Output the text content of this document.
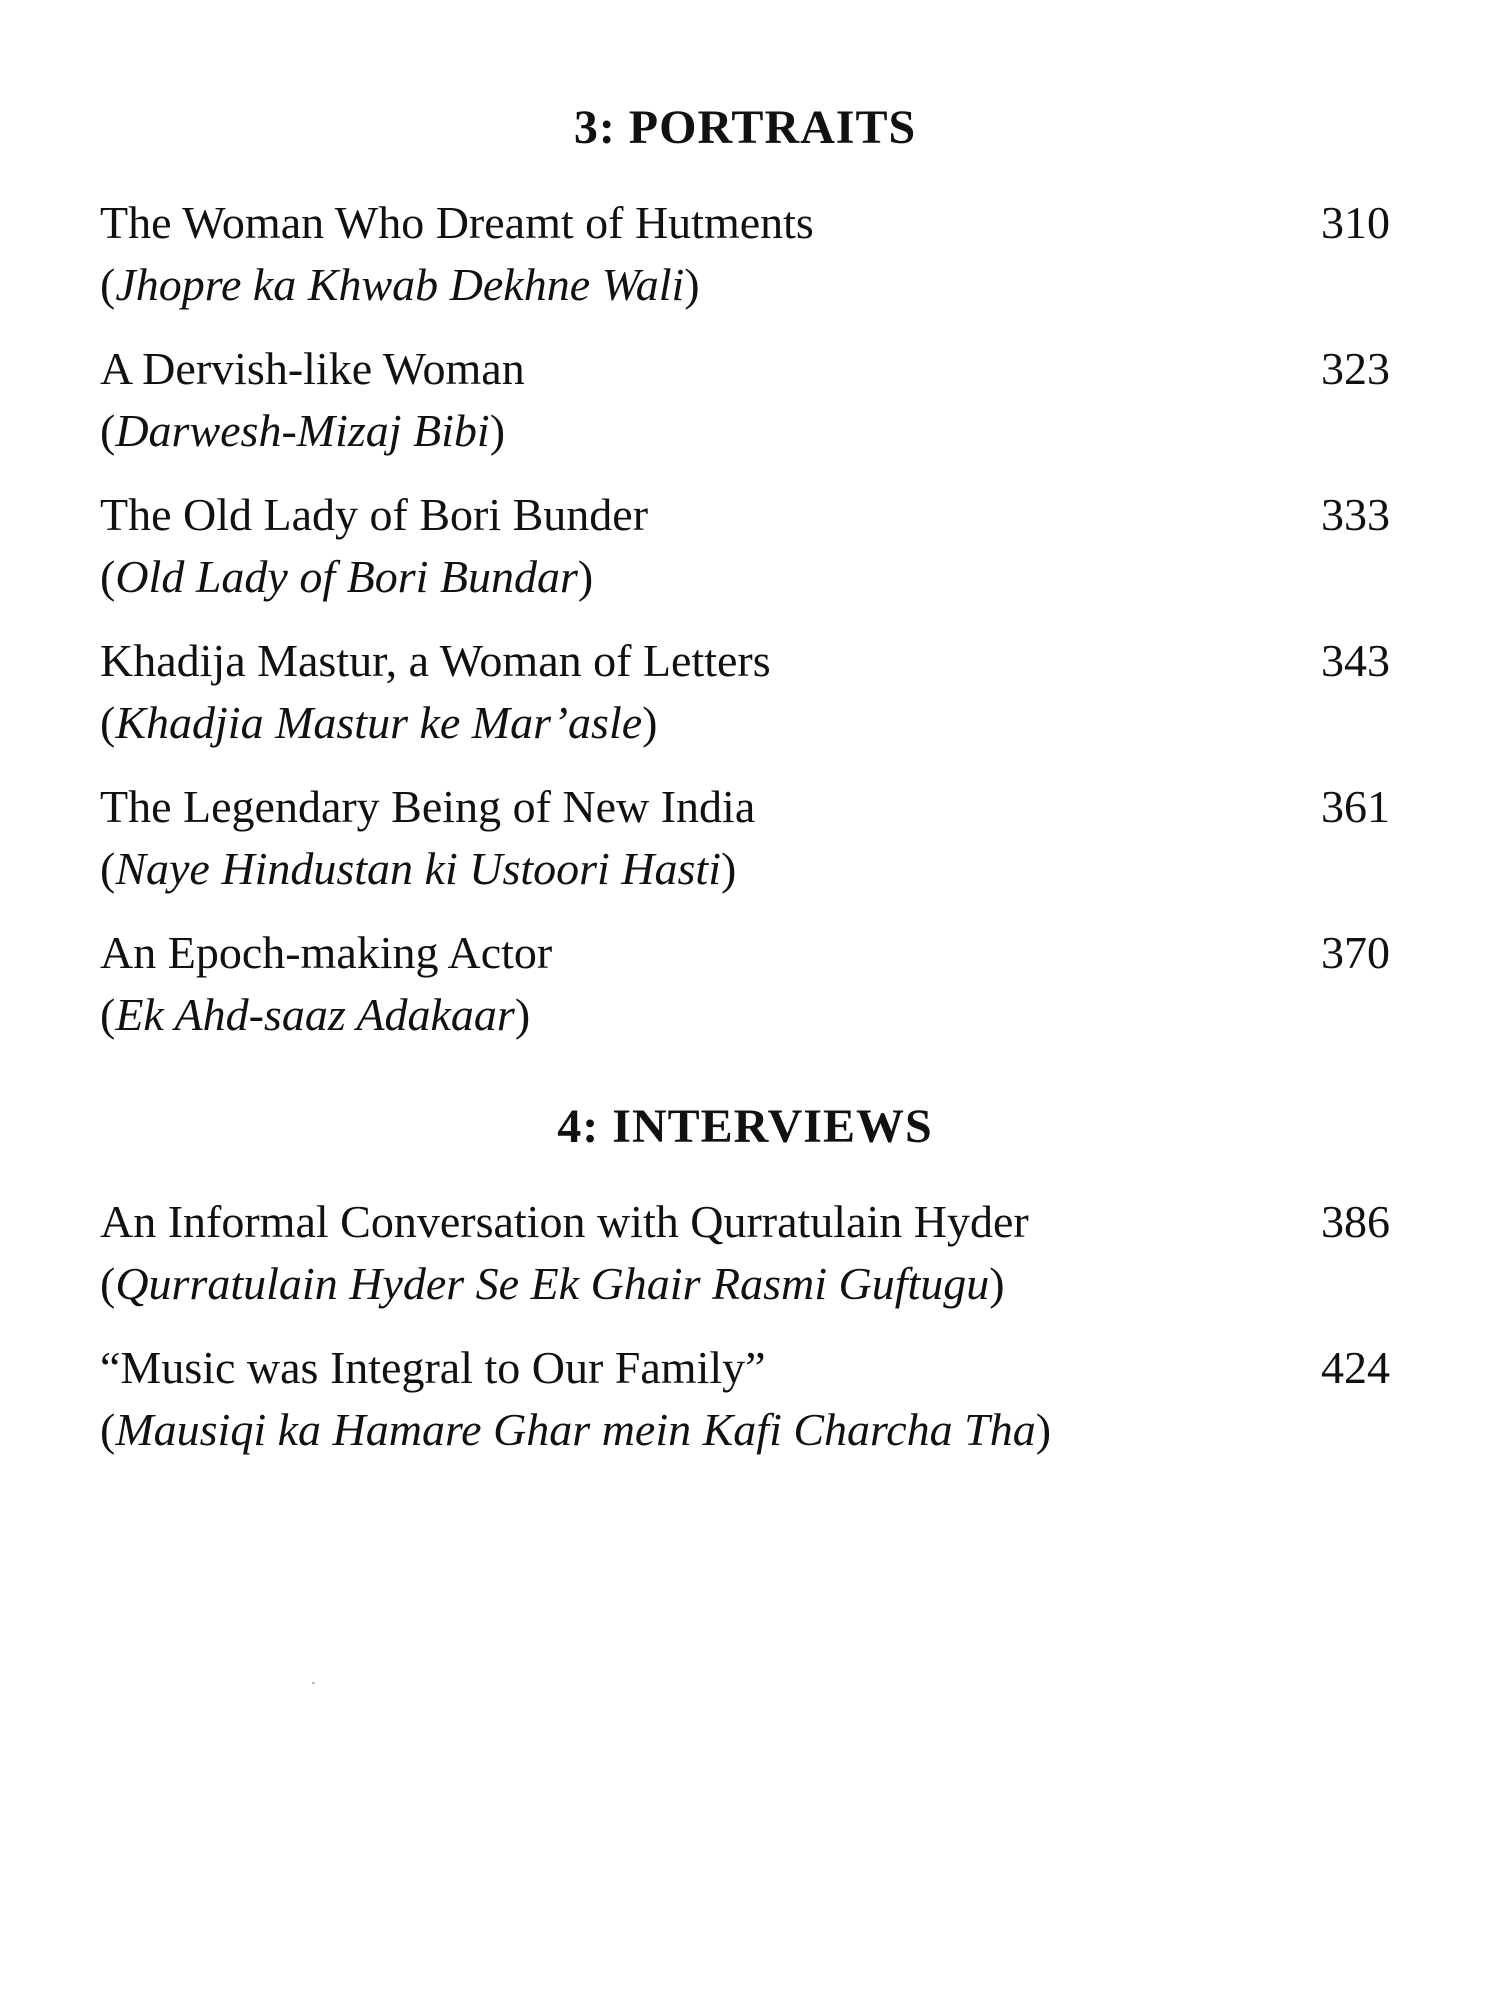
3: PORTRAITS
The Woman Who Dreamt of Hutments
(Jhopre ka Khwab Dekhne Wali)
310
A Dervish-like Woman
(Darwesh-Mizaj Bibi)
323
The Old Lady of Bori Bunder
(Old Lady of Bori Bundar)
333
Khadija Mastur, a Woman of Letters
(Khadjia Mastur ke Mar’asle)
343
The Legendary Being of New India
(Naye Hindustan ki Ustoori Hasti)
361
An Epoch-making Actor
(Ek Ahd-saaz Adakaar)
370
4: INTERVIEWS
An Informal Conversation with Qurratulain Hyder
(Qurratulain Hyder Se Ek Ghair Rasmi Guftugu)
386
“Music was Integral to Our Family”
(Mausiqi ka Hamare Ghar mein Kafi Charcha Tha)
424
